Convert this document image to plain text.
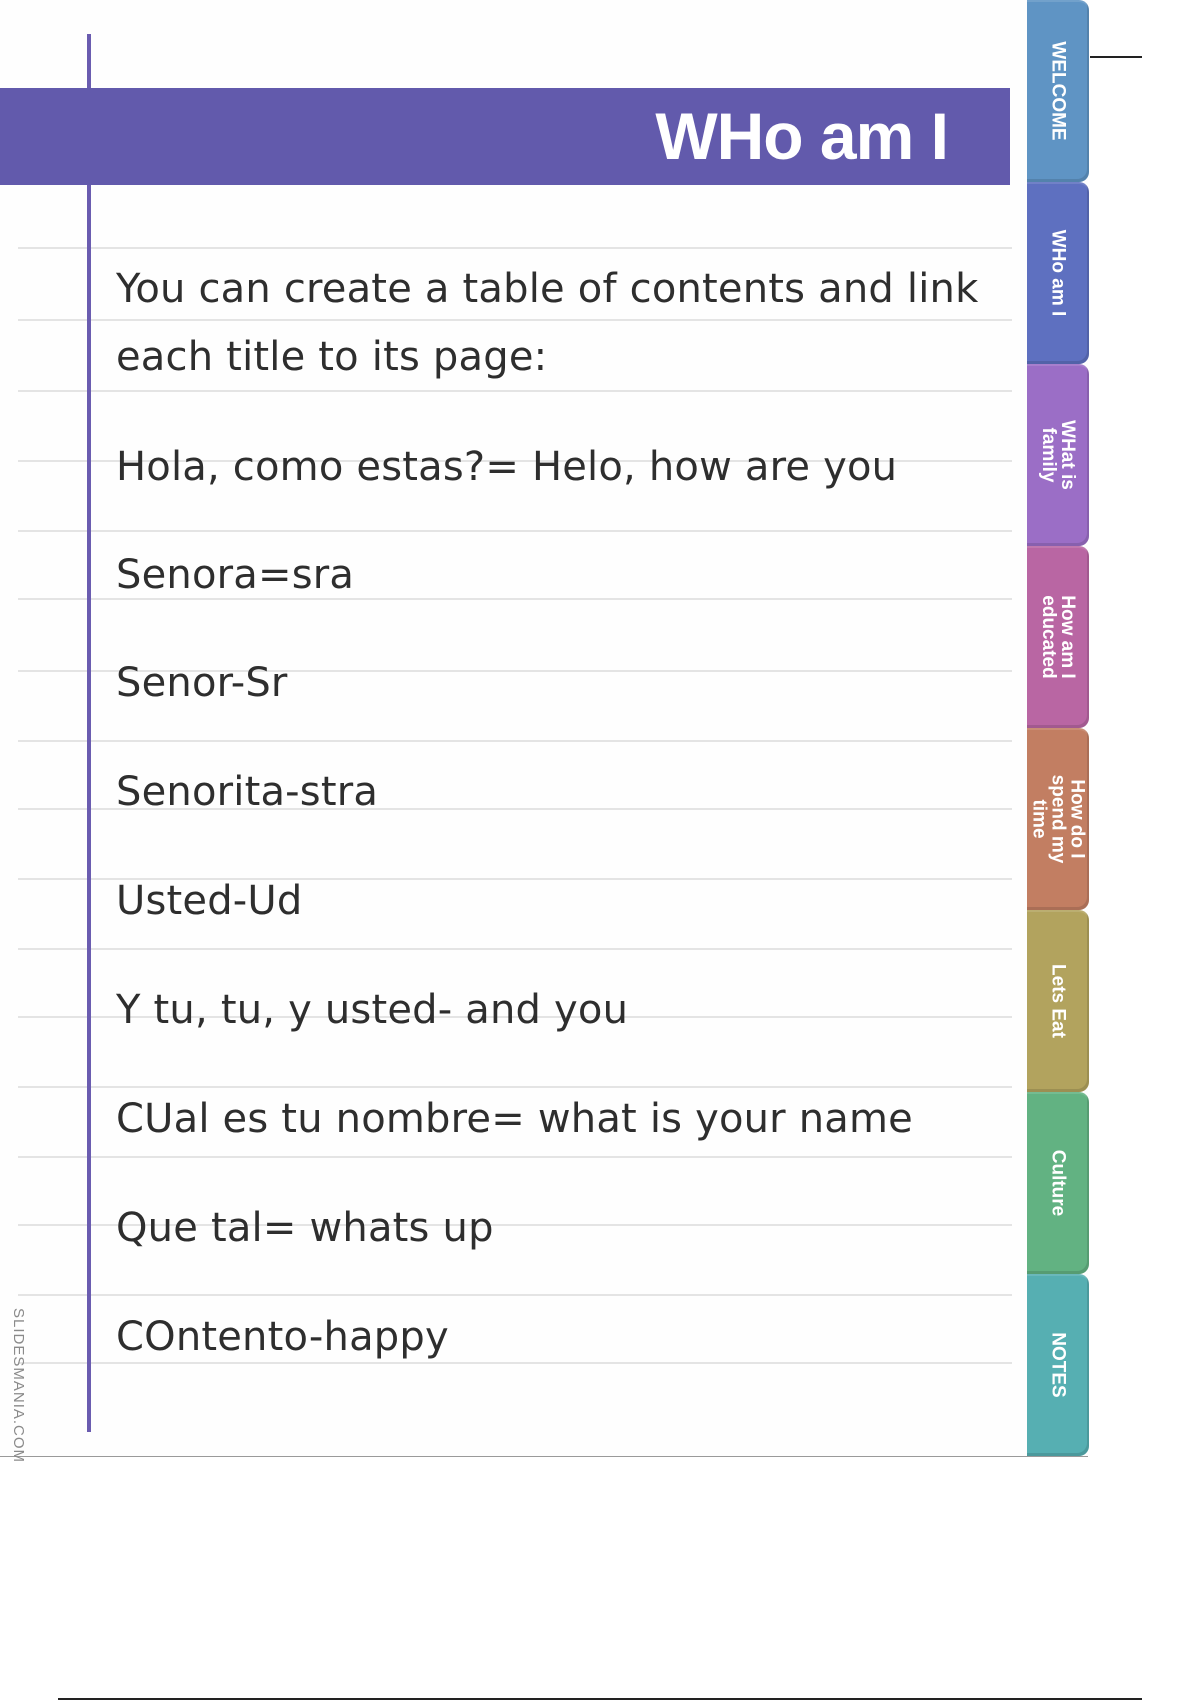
WHo am I
You can create a table of contents and link
each title to its page:
Hola, como estas?= Helo, how are you
Senora=sra
Senor-Sr
Senorita-stra
Usted-Ud
Y tu, tu, y usted- and you
CUal es tu nombre= what is your name
Que tal= whats up
COntento-happy
SLIDESMANIA.COM
WELCOME
WHo am I
WHat is family
How am I educated
How do I spend my time
Lets Eat
Culture
NOTES
